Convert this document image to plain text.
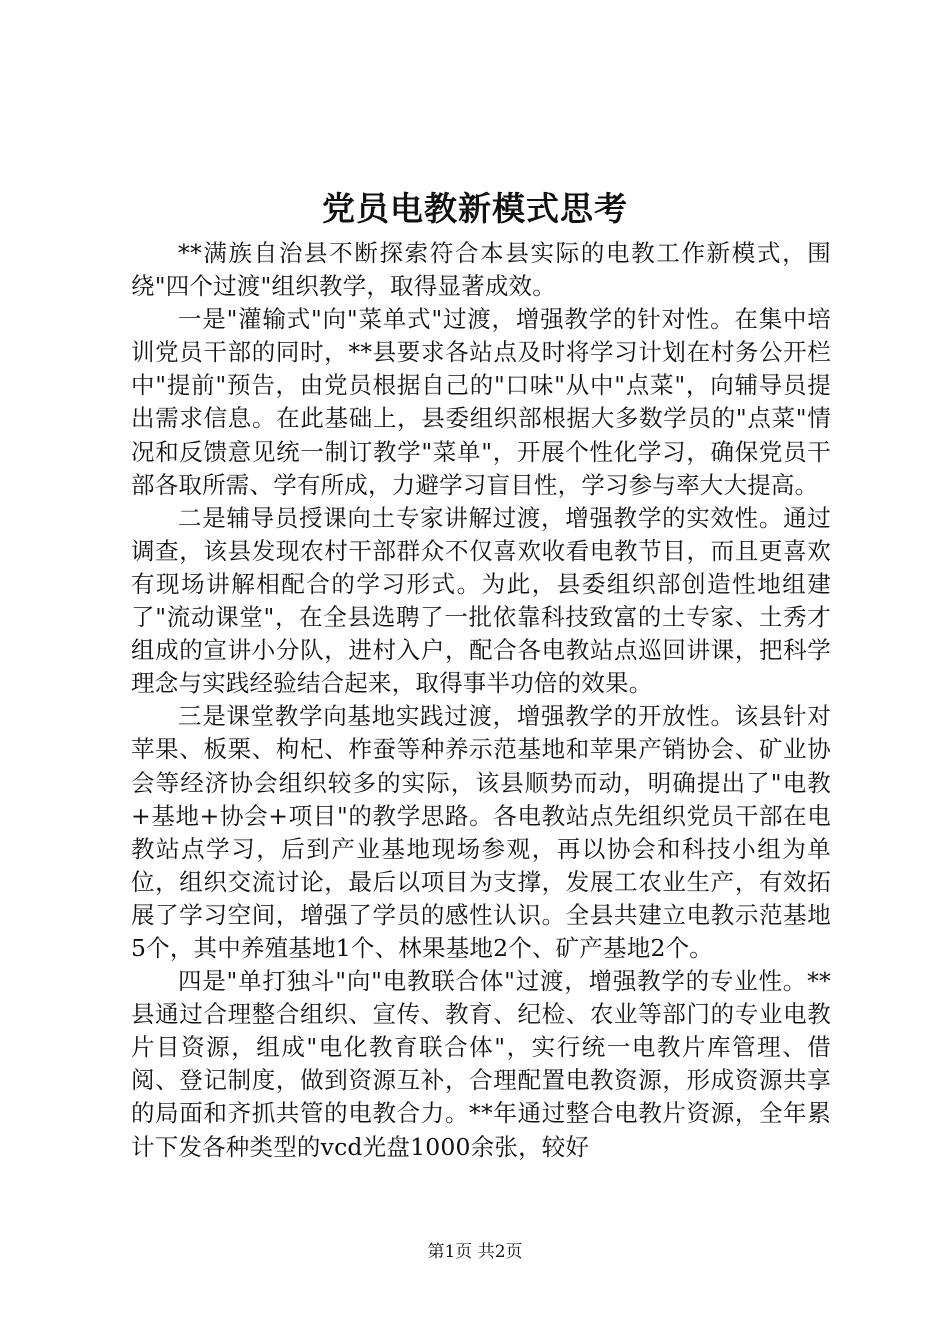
党员电教新模式思考

**满族自治县不断探索符合本县实际的电教工作新模式，围绕"四个过渡"组织教学，取得显著成效。

一是"灌输式"向"菜单式"过渡，增强教学的针对性。在集中培训党员干部的同时，**县要求各站点及时将学习计划在村务公开栏中"提前"预告，由党员根据自己的"口味"从中"点菜"，向辅导员提出需求信息。在此基础上，县委组织部根据大多数学员的"点菜"情况和反馈意见统一制订教学"菜单"，开展个性化学习，确保党员干部各取所需、学有所成，力避学习盲目性，学习参与率大大提高。

二是辅导员授课向土专家讲解过渡，增强教学的实效性。通过调查，该县发现农村干部群众不仅喜欢收看电教节目，而且更喜欢有现场讲解相配合的学习形式。为此，县委组织部创造性地组建了"流动课堂"，在全县选聘了一批依靠科技致富的土专家、土秀才组成的宣讲小分队，进村入户，配合各电教站点巡回讲课，把科学理念与实践经验结合起来，取得事半功倍的效果。

三是课堂教学向基地实践过渡，增强教学的开放性。该县针对苹果、板栗、枸杞、柞蚕等种养示范基地和苹果产销协会、矿业协会等经济协会组织较多的实际，该县顺势而动，明确提出了"电教+基地+协会+项目"的教学思路。各电教站点先组织党员干部在电教站点学习，后到产业基地现场参观，再以协会和科技小组为单位，组织交流讨论，最后以项目为支撑，发展工农业生产，有效拓展了学习空间，增强了学员的感性认识。全县共建立电教示范基地5个，其中养殖基地1个、林果基地2个、矿产基地2个。

四是"单打独斗"向"电教联合体"过渡，增强教学的专业性。**县通过合理整合组织、宣传、教育、纪检、农业等部门的专业电教片目资源，组成"电化教育联合体"，实行统一电教片库管理、借阅、登记制度，做到资源互补，合理配置电教资源，形成资源共享的局面和齐抓共管的电教合力。**年通过整合电教片资源，全年累计下发各种类型的vcd光盘1000余张，较好

第1页 共2页
